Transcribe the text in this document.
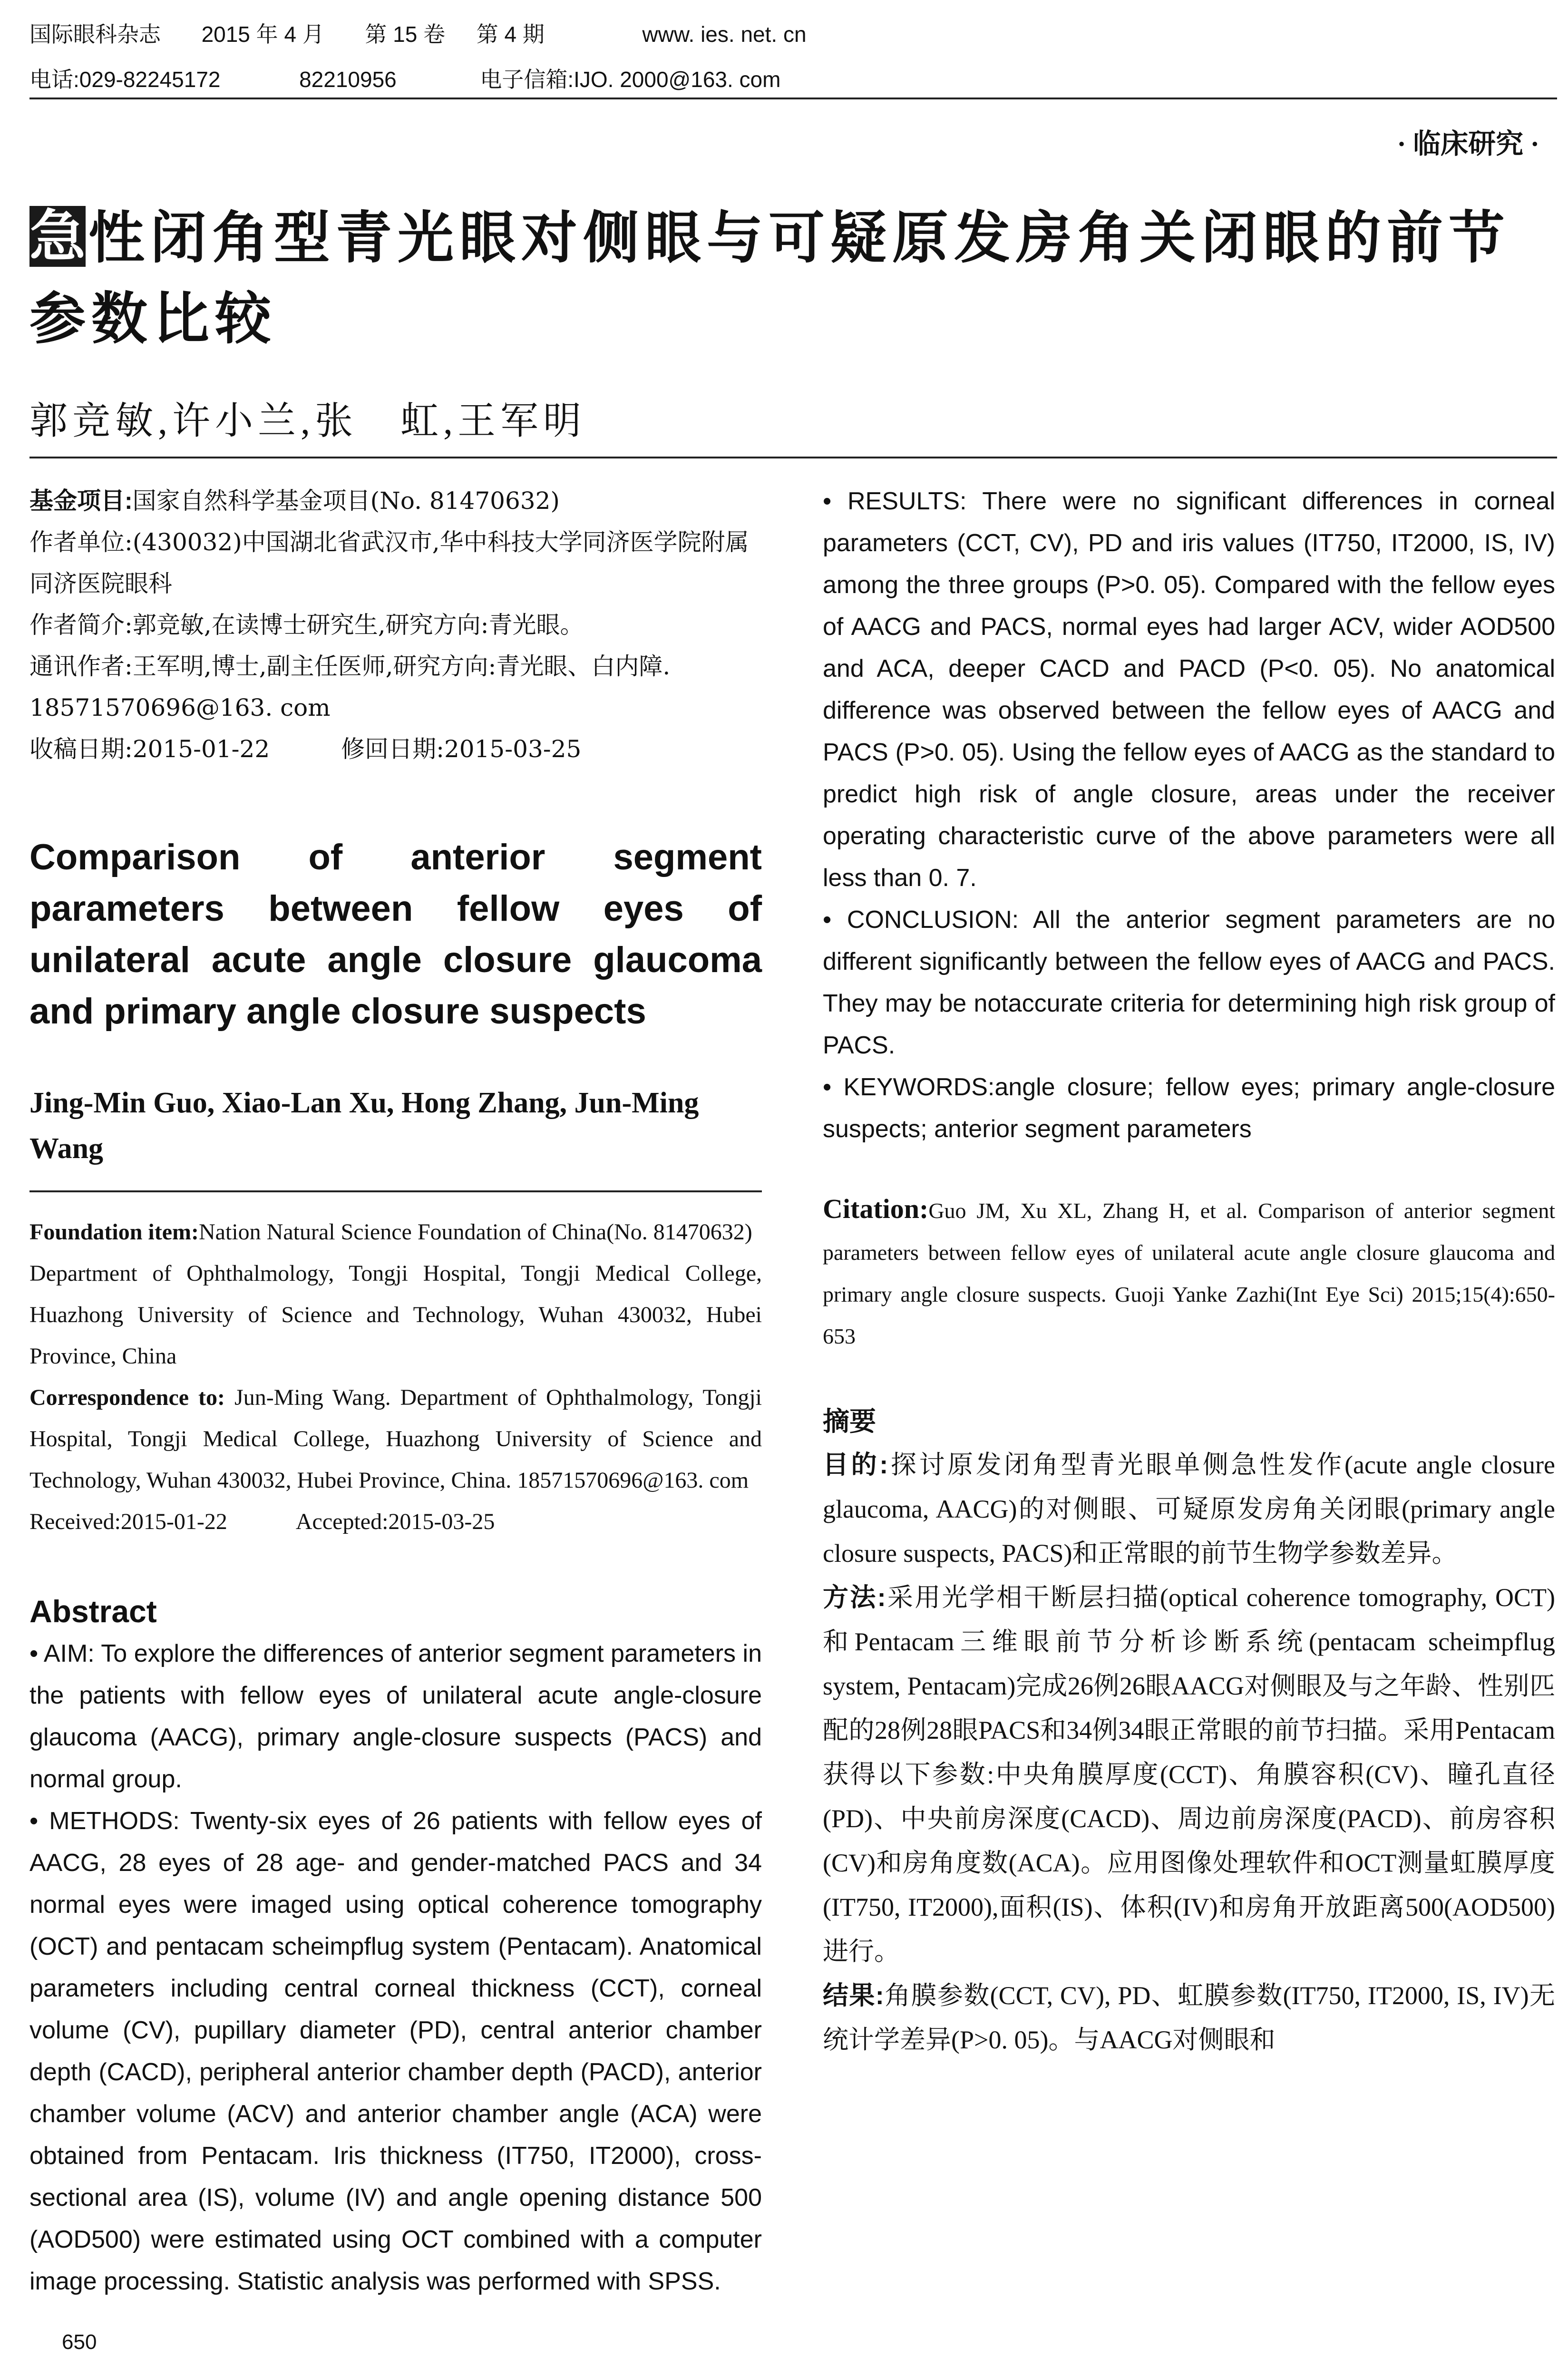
国际眼科杂志 2015 年 4 月 第 15 卷 第 4 期	www. ies. net. cn
电话:029-82245172	82210956	电子信箱:IJO. 2000@163. com
· 临床研究 ·
急性闭角型青光眼对侧眼与可疑原发房角关闭眼的前节参数比较
郭竞敏,许小兰,张　虹,王军明
基金项目:国家自然科学基金项目(No. 81470632)
作者单位:(430032)中国湖北省武汉市,华中科技大学同济医学院附属同济医院眼科
作者简介:郭竞敏,在读博士研究生,研究方向:青光眼。
通讯作者:王军明,博士,副主任医师,研究方向:青光眼、白内障. 18571570696@163. com
收稿日期:2015-01-22　　　修回日期:2015-03-25

Comparison of anterior segment parameters between fellow eyes of unilateral acute angle closure glaucoma and primary angle closure suspects

Jing-Min Guo, Xiao-Lan Xu, Hong Zhang, Jun-Ming Wang

Foundation item:Nation Natural Science Foundation of China(No. 81470632)
Department of Ophthalmology, Tongji Hospital, Tongji Medical College, Huazhong University of Science and Technology, Wuhan 430032, Hubei Province, China
Correspondence to: Jun-Ming Wang. Department of Ophthalmology, Tongji Hospital, Tongji Medical College, Huazhong University of Science and Technology, Wuhan 430032, Hubei Province, China. 18571570696@163. com
Received:2015-01-22　　　Accepted:2015-03-25
Abstract

• AIM: To explore the differences of anterior segment parameters in the patients with fellow eyes of unilateral acute angle-closure glaucoma (AACG), primary angle-closure suspects (PACS) and normal group.

• METHODS: Twenty-six eyes of 26 patients with fellow eyes of AACG, 28 eyes of 28 age- and gender-matched PACS and 34 normal eyes were imaged using optical coherence tomography (OCT) and pentacam scheimpflug system (Pentacam). Anatomical parameters including central corneal thickness (CCT), corneal volume (CV), pupillary diameter (PD), central anterior chamber depth (CACD), peripheral anterior chamber depth (PACD), anterior chamber volume (ACV) and anterior chamber angle (ACA) were obtained from Pentacam. Iris thickness (IT750, IT2000), cross-sectional area (IS), volume (IV) and angle opening distance 500 (AOD500) were estimated using OCT combined with a computer image processing. Statistic analysis was performed with SPSS.

• RESULTS: There were no significant differences in corneal parameters (CCT, CV), PD and iris values (IT750, IT2000, IS, IV) among the three groups (P>0. 05). Compared with the fellow eyes of AACG and PACS, normal eyes had larger ACV, wider AOD500 and ACA, deeper CACD and PACD (P<0. 05). No anatomical difference was observed between the fellow eyes of AACG and PACS (P>0. 05). Using the fellow eyes of AACG as the standard to predict high risk of angle closure, areas under the receiver operating characteristic curve of the above parameters were all less than 0. 7.

• CONCLUSION: All the anterior segment parameters are no different significantly between the fellow eyes of AACG and PACS. They may be notaccurate criteria for determining high risk group of PACS.

• KEYWORDS:angle closure; fellow eyes; primary angle-closure suspects; anterior segment parameters

Citation:Guo JM, Xu XL, Zhang H, et al. Comparison of anterior segment parameters between fellow eyes of unilateral acute angle closure glaucoma and primary angle closure suspects. Guoji Yanke Zazhi(Int Eye Sci) 2015;15(4):650-653
摘要
目的:探讨原发闭角型青光眼单侧急性发作(acute angle closure glaucoma, AACG)的对侧眼、可疑原发房角关闭眼(primary angle closure suspects, PACS)和正常眼的前节生物学参数差异。
方法:采用光学相干断层扫描(optical coherence tomography, OCT)和Pentacam三维眼前节分析诊断系统(pentacam scheimpflug system, Pentacam)完成26例26眼AACG对侧眼及与之年龄、性别匹配的28例28眼PACS和34例34眼正常眼的前节扫描。采用Pentacam获得以下参数:中央角膜厚度(CCT)、角膜容积(CV)、瞳孔直径(PD)、中央前房深度(CACD)、周边前房深度(PACD)、前房容积(CV)和房角度数(ACA)。应用图像处理软件和OCT测量虹膜厚度(IT750, IT2000),面积(IS)、体积(IV)和房角开放距离500(AOD500)进行。
结果:角膜参数(CCT, CV), PD、虹膜参数(IT750, IT2000, IS, IV)无统计学差异(P>0. 05)。与AACG对侧眼和
650
